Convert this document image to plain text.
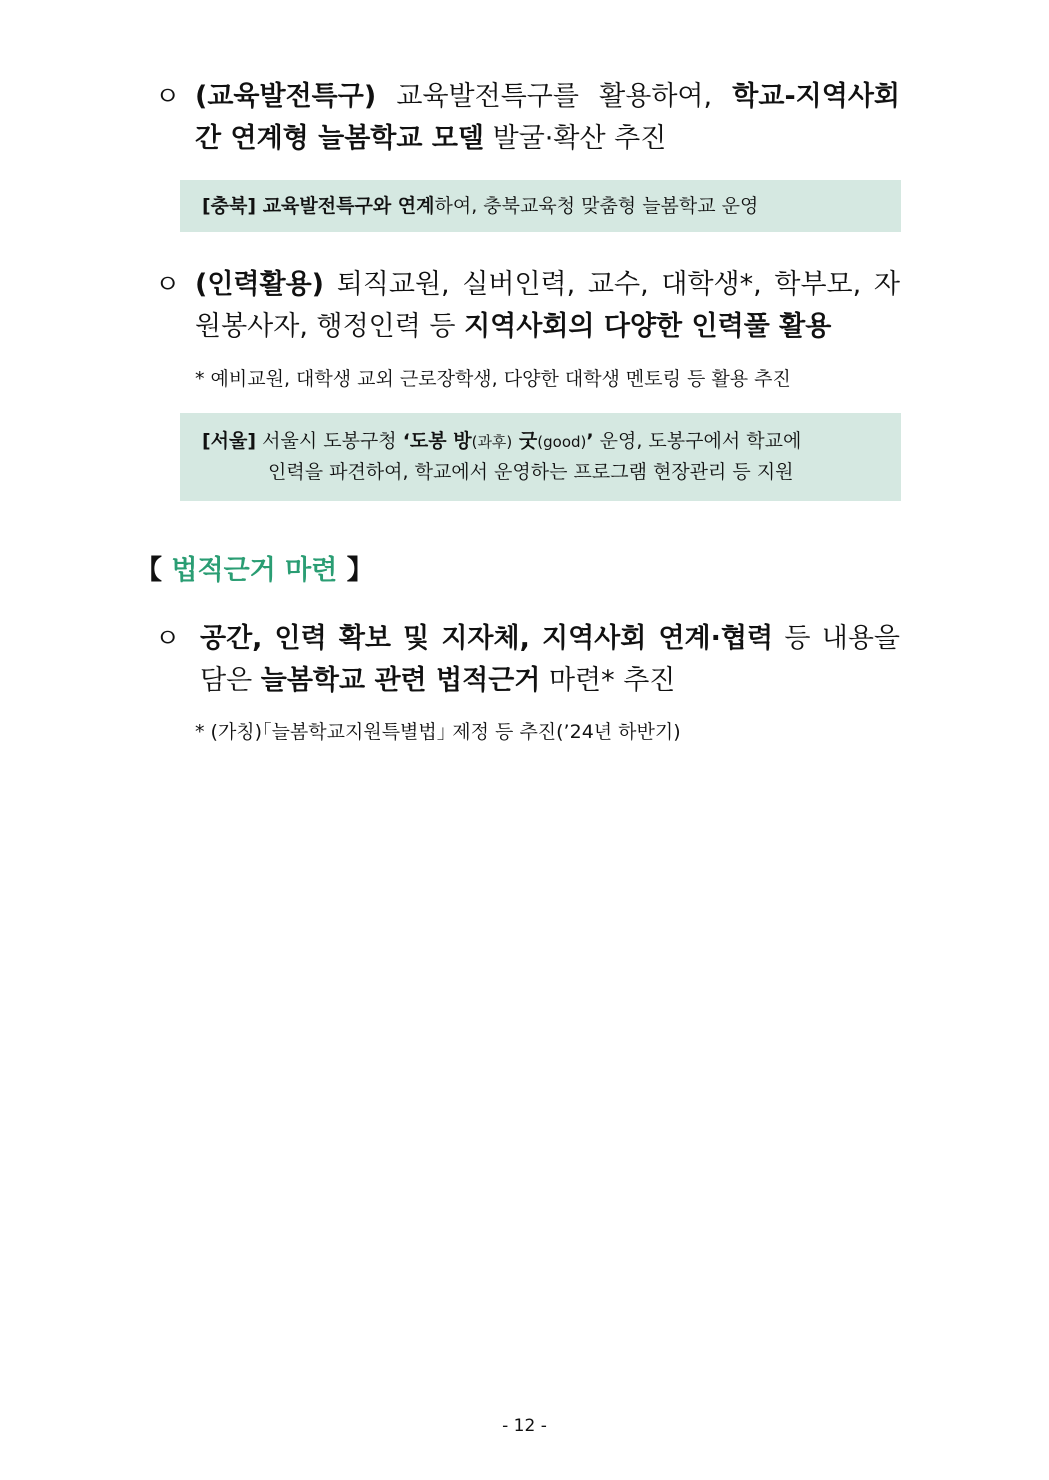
ㅇ (교육발전특구) 교육발전특구를 활용하여, 학교-지역사회 간 연계형 늘봄학교 모델 발굴·확산 추진
[충북] 교육발전특구와 연계하여, 충북교육청 맞춤형 늘봄학교 운영
ㅇ (인력활용) 퇴직교원, 실버인력, 교수, 대학생*, 학부모, 자원봉사자, 행정인력 등 지역사회의 다양한 인력풀 활용
* 예비교원, 대학생 교외 근로장학생, 다양한 대학생 멘토링 등 활용 추진
[서울] 서울시 도봉구청 ‘도봉 방(과후) 굿(good)’ 운영, 도봉구에서 학교에
인력을 파견하여, 학교에서 운영하는 프로그램 현장관리 등 지원
【 법적근거 마련 】
ㅇ 공간, 인력 확보 및 지자체, 지역사회 연계·협력 등 내용을 담은 늘봄학교 관련 법적근거 마련* 추진
* (가칭)｢늘봄학교지원특별법｣ 제정 등 추진(’24년 하반기)
- 12 -
